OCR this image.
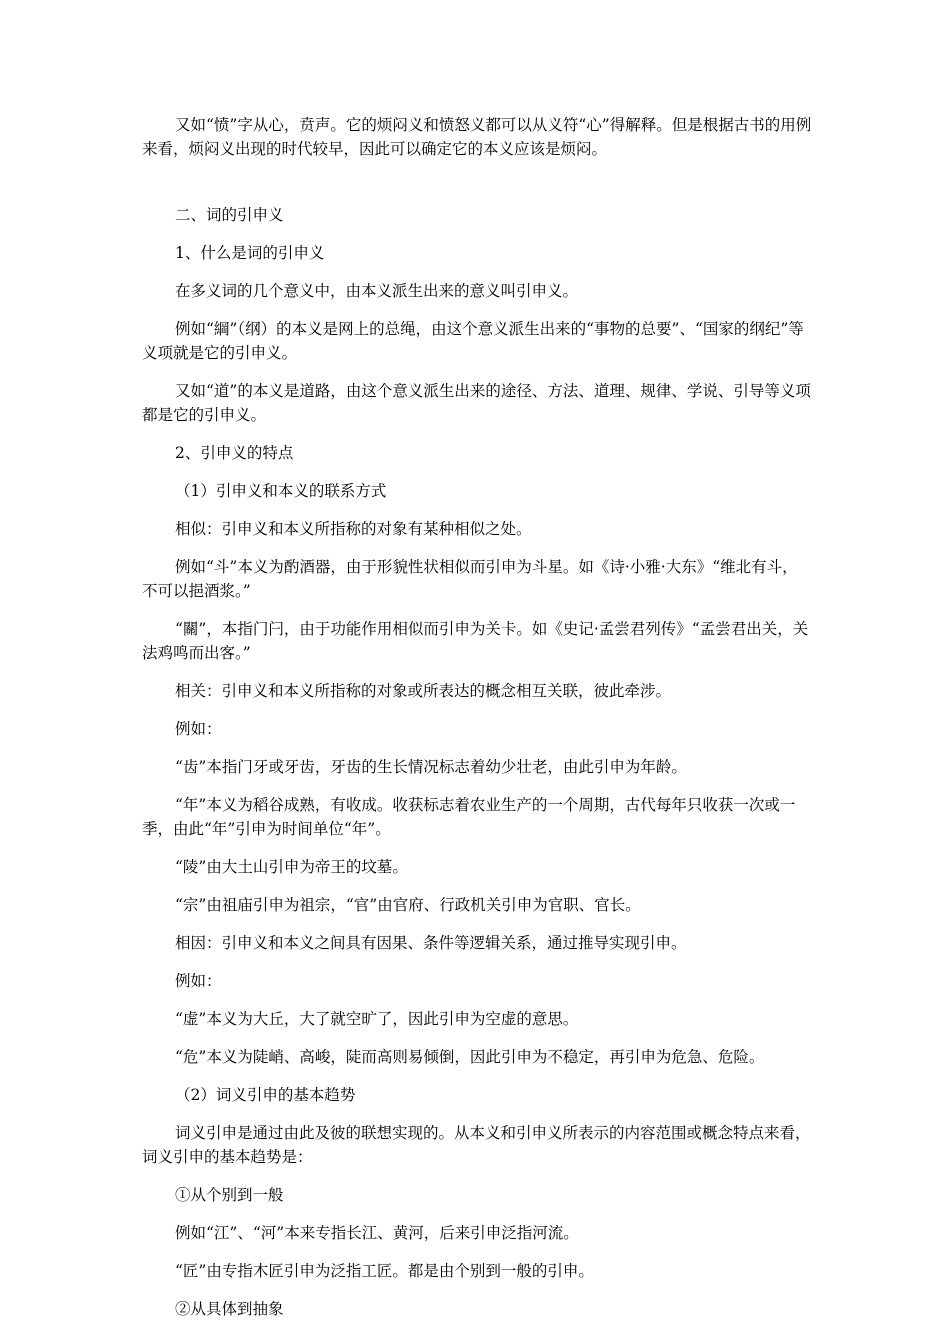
又如“愤”字从心，贲声。它的烦闷义和愤怒义都可以从义符“心”得解释。但是根据古书的用例来看，烦闷义出现的时代较早，因此可以确定它的本义应该是烦闷。

二、词的引申义

1、什么是词的引申义

在多义词的几个意义中，由本义派生出来的意义叫引申义。

例如“綱”（纲）的本义是网上的总绳，由这个意义派生出来的“事物的总要”、“国家的纲纪”等义项就是它的引申义。

又如“道”的本义是道路，由这个意义派生出来的途径、方法、道理、规律、学说、引导等义项都是它的引申义。

2、引申义的特点

（1）引申义和本义的联系方式

相似：引申义和本义所指称的对象有某种相似之处。

例如“斗”本义为酌酒器，由于形貌性状相似而引申为斗星。如《诗·小雅·大东》“维北有斗，不可以挹酒浆。”

“關”，本指门闩，由于功能作用相似而引申为关卡。如《史记·孟尝君列传》“孟尝君出关，关法鸡鸣而出客。”

相关：引申义和本义所指称的对象或所表达的概念相互关联，彼此牵涉。

例如：

“齿”本指门牙或牙齿，牙齿的生长情况标志着幼少壮老，由此引申为年龄。

“年”本义为稻谷成熟，有收成。收获标志着农业生产的一个周期，古代每年只收获一次或一季，由此“年”引申为时间单位“年”。

“陵”由大土山引申为帝王的坟墓。

“宗”由祖庙引申为祖宗，“官”由官府、行政机关引申为官职、官长。

相因：引申义和本义之间具有因果、条件等逻辑关系，通过推导实现引申。

例如：

“虚”本义为大丘，大了就空旷了，因此引申为空虚的意思。

“危”本义为陡峭、高峻，陡而高则易倾倒，因此引申为不稳定，再引申为危急、危险。

（2）词义引申的基本趋势

词义引申是通过由此及彼的联想实现的。从本义和引申义所表示的内容范围或概念特点来看，词义引申的基本趋势是：

①从个别到一般

例如“江”、“河”本来专指长江、黄河，后来引申泛指河流。

“匠”由专指木匠引申为泛指工匠。都是由个别到一般的引申。

②从具体到抽象
